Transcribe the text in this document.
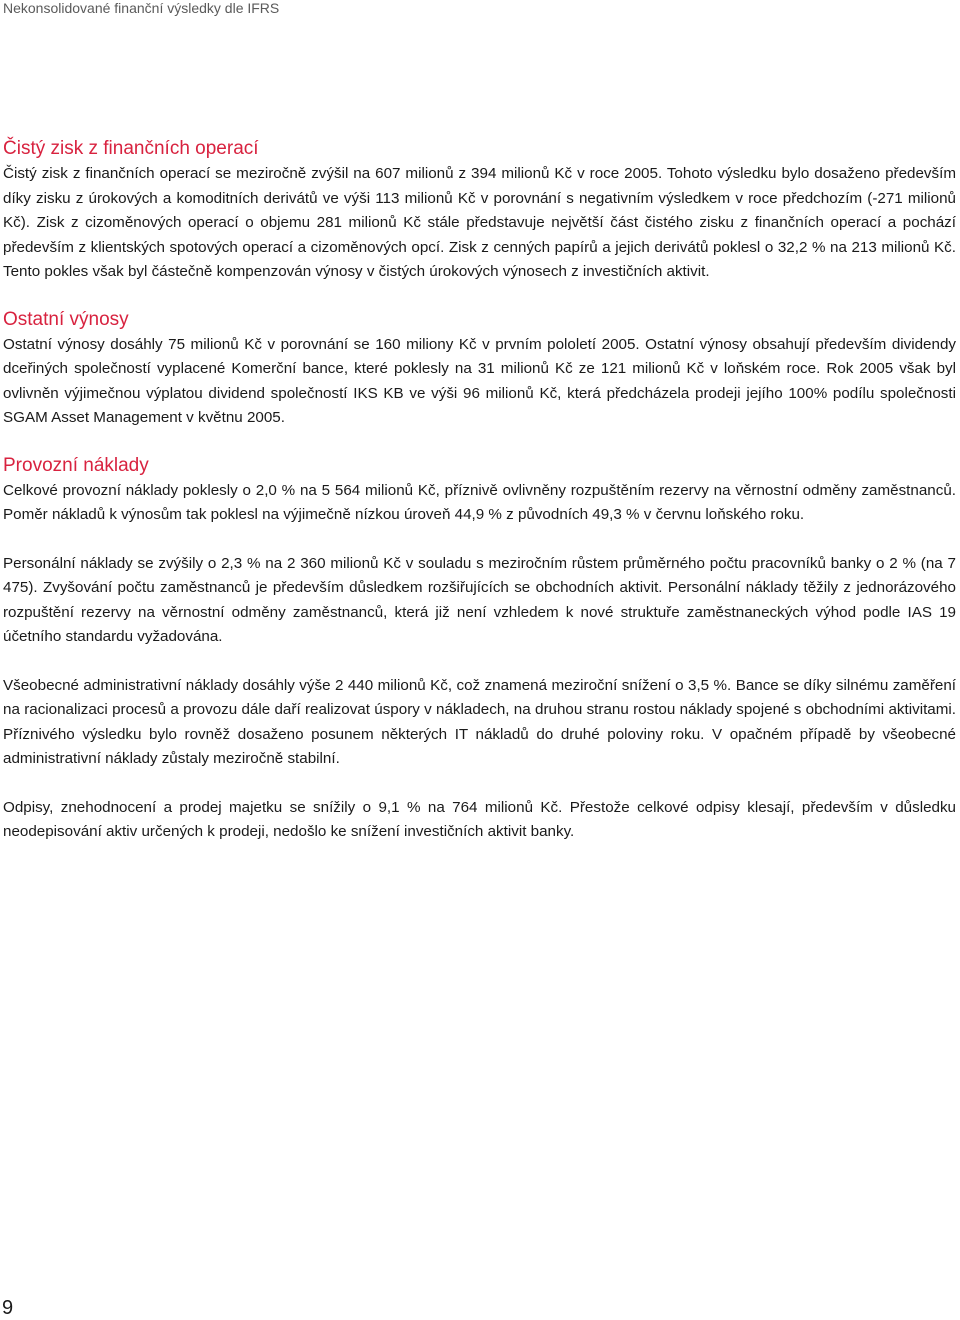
Nekonsolidované finanční výsledky dle IFRS
Čistý zisk z finančních operací

Čistý zisk z finančních operací se meziročně zvýšil na 607 milionů z 394 milionů Kč v roce 2005. Tohoto výsledku bylo dosaženo především díky zisku z úrokových a komoditních derivátů ve výši 113 milionů Kč v porovnání s negativním výsledkem v roce předchozím (-271 milionů Kč). Zisk z cizoměnových operací o objemu 281 milionů Kč stále představuje největší část čistého zisku z finančních operací a pochází především z klientských spotových operací a cizoměnových opcí. Zisk z cenných papírů a jejich derivátů poklesl o 32,2 % na 213 milionů Kč. Tento pokles však byl částečně kompenzován výnosy v čistých úrokových výnosech z investičních aktivit.

Ostatní výnosy

Ostatní výnosy dosáhly 75 milionů Kč v porovnání se 160 miliony Kč v prvním pololetí 2005. Ostatní výnosy obsahují především dividendy dceřiných společností vyplacené Komerční bance, které poklesly na 31 milionů Kč ze 121 milionů Kč v loňském roce. Rok 2005 však byl ovlivněn výjimečnou výplatou dividend společností IKS KB ve výši 96 milionů Kč, která předcházela prodeji jejího 100% podílu společnosti SGAM Asset Management v květnu 2005.

Provozní náklady

Celkové provozní náklady poklesly o 2,0 % na 5 564 milionů Kč, příznivě ovlivněny rozpuštěním rezervy na věrnostní odměny zaměstnanců. Poměr nákladů k výnosům tak poklesl na výjimečně nízkou úroveň 44,9 % z původních 49,3 % v červnu loňského roku.

Personální náklady se zvýšily o 2,3 % na 2 360 milionů Kč v souladu s meziročním růstem průměrného počtu pracovníků banky o 2 % (na 7 475). Zvyšování počtu zaměstnanců je především důsledkem rozšiřujících se obchodních aktivit. Personální náklady těžily z jednorázového rozpuštění rezervy na věrnostní odměny zaměstnanců, která již není vzhledem k nové struktuře zaměstnaneckých výhod podle IAS 19 účetního standardu vyžadována.

Všeobecné administrativní náklady dosáhly výše 2 440 milionů Kč, což znamená meziroční snížení o 3,5 %. Bance se díky silnému zaměření na racionalizaci procesů a provozu dále daří realizovat úspory v nákladech, na druhou stranu rostou náklady spojené s obchodními aktivitami. Příznivého výsledku bylo rovněž dosaženo posunem některých IT nákladů do druhé poloviny roku. V opačném případě by všeobecné administrativní náklady zůstaly meziročně stabilní.

Odpisy, znehodnocení a prodej majetku se snížily o 9,1 % na 764 milionů Kč. Přestože celkové odpisy klesají, především v důsledku neodepisování aktiv určených k prodeji, nedošlo ke snížení investičních aktivit banky.

9
